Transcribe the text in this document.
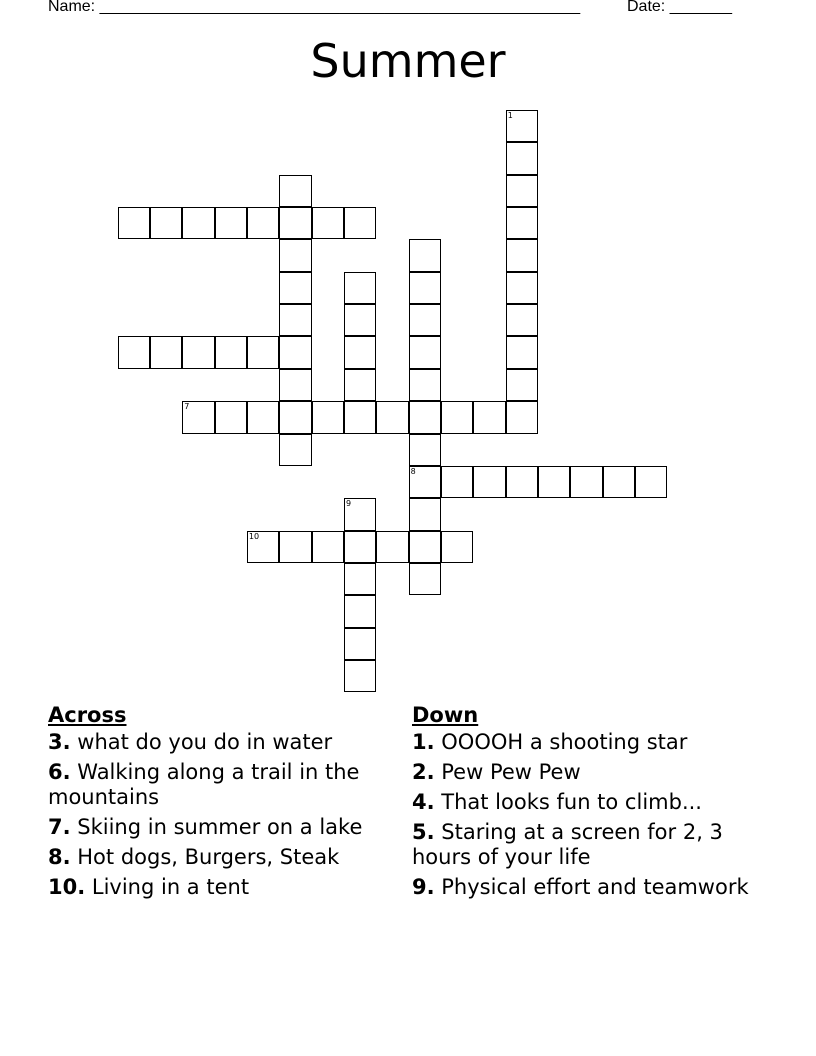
Name: ______________________________________________________	Date: _______
Summer
7
8
10
1
9
Across
3. what do you do in water
6. Walking along a trail in the mountains
7. Skiing in summer on a lake
8. Hot dogs, Burgers, Steak
10. Living in a tent
Down
1. OOOOH a shooting star
2. Pew Pew Pew
4. That looks fun to climb...
5. Staring at a screen for 2, 3 hours of your life
9. Physical effort and teamwork
